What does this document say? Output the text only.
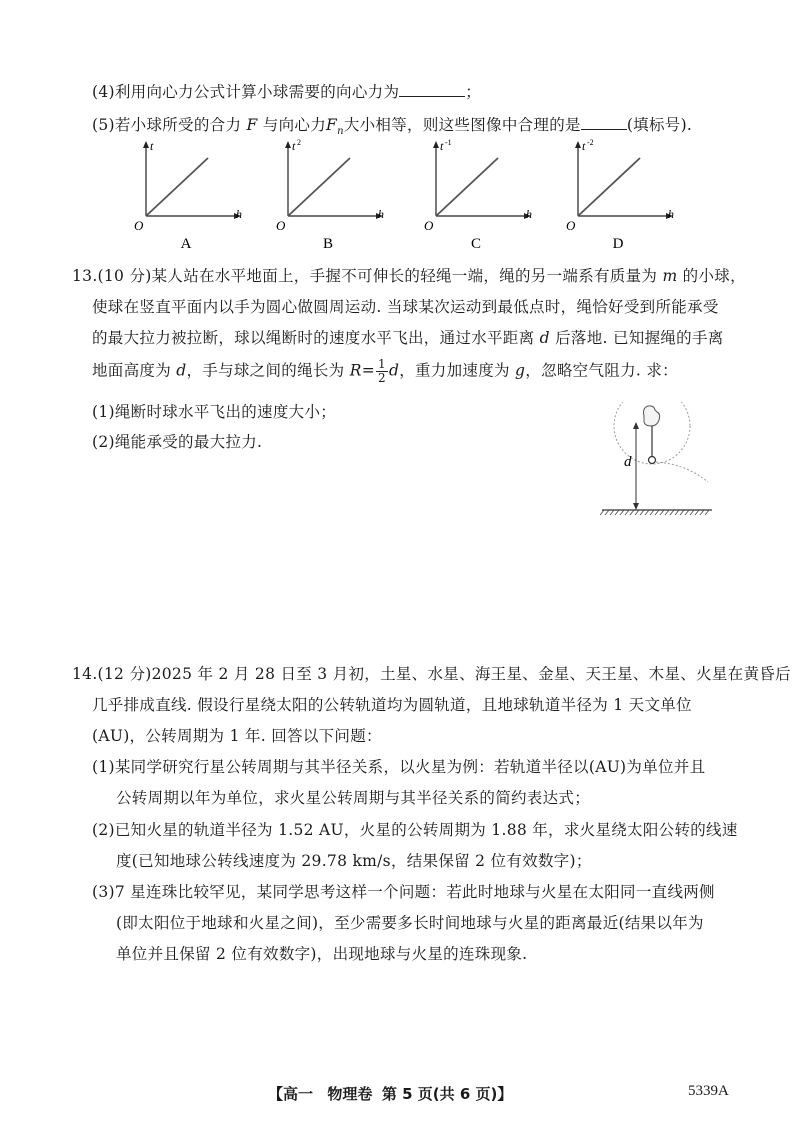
(4)利用向心力公式计算小球需要的向心力为	；
(5)若小球所受的合力 F 与向心力$F_n$大小相等，则这些图像中合理的是	(填标号).
t
h
O
A
t 2
h
O
B
t -1
h
O
C
t -2
h
O
D
13.(10 分)某人站在水平地面上，手握不可伸长的轻绳一端，绳的另一端系有质量为 m 的小球，
使球在竖直平面内以手为圆心做圆周运动. 当球某次运动到最低点时，绳恰好受到所能承受
的最大拉力被拉断，球以绳断时的速度水平飞出，通过水平距离 d 后落地. 已知握绳的手离
地面高度为 d，手与球之间的绳长为 $R= \frac{1}{2}$ d，重力加速度为 g，忽略空气阻力. 求：
(1)绳断时球水平飞出的速度大小；
(2)绳能承受的最大拉力.
d
14.(12 分)2025 年 2 月 28 日至 3 月初，土星、水星、海王星、金星、天王星、木星、火星在黄昏后
几乎排成直线. 假设行星绕太阳的公转轨道均为圆轨道，且地球轨道半径为 1 天文单位
(AU)，公转周期为 1 年. 回答以下问题：
(1)某同学研究行星公转周期与其半径关系，以火星为例：若轨道半径以(AU)为单位并且
公转周期以年为单位，求火星公转周期与其半径关系的简约表达式；
(2)已知火星的轨道半径为 1.52 AU，火星的公转周期为 1.88 年，求火星绕太阳公转的线速
度(已知地球公转线速度为 29.78 km/s，结果保留 2 位有效数字)；
(3)7 星连珠比较罕见，某同学思考这样一个问题：若此时地球与火星在太阳同一直线两侧
(即太阳位于地球和火星之间)，至少需要多长时间地球与火星的距离最近(结果以年为
单位并且保留 2 位有效数字)，出现地球与火星的连珠现象.
【高一 物理卷 第 5 页(共 6 页)】	5339A
